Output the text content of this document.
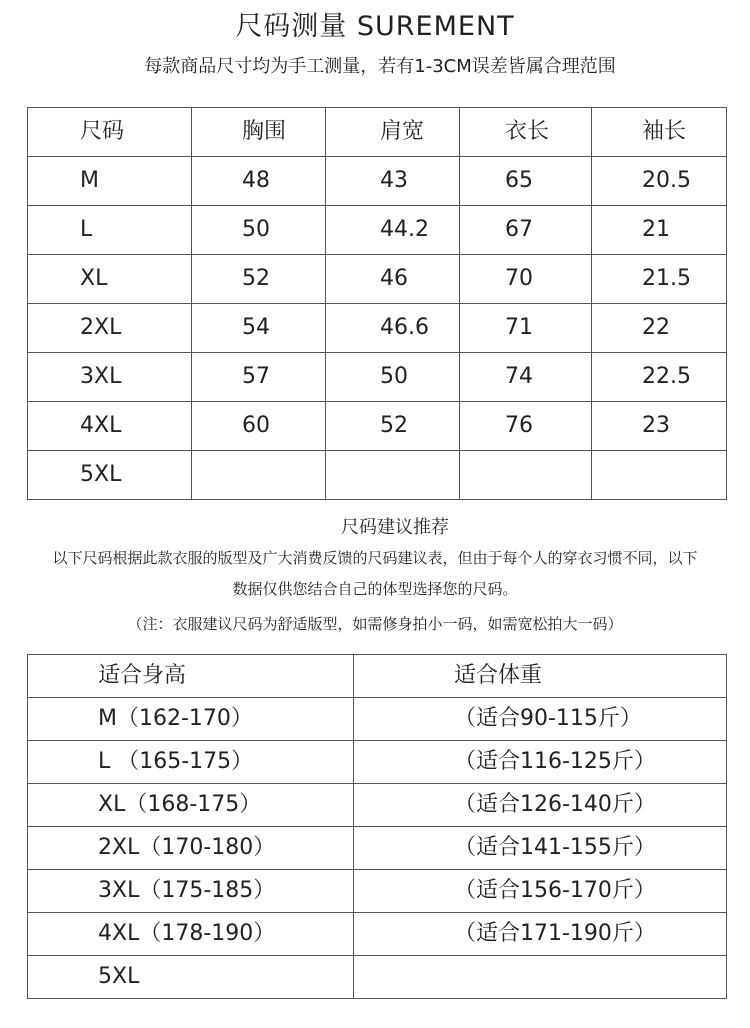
尺码测量 SUREMENT
每款商品尺寸均为手工测量，若有1-3CM误差皆属合理范围
尺码	胸围	肩宽	衣长	袖长
M	48	43	65	20.5
L	50	44.2	67	21
XL	52	46	70	21.5
2XL	54	46.6	71	22
3XL	57	50	74	22.5
4XL	60	52	76	23
5XL				
尺码建议推荐
以下尺码根据此款衣服的版型及广大消费反馈的尺码建议表，但由于每个人的穿衣习惯不同，以下
数据仅供您结合自己的体型选择您的尺码。
（注：衣服建议尺码为舒适版型，如需修身拍小一码，如需宽松拍大一码）
适合身高	适合体重
M（162-170）	（适合90-115斤）
L （165-175）	（适合116-125斤）
XL（168-175）	（适合126-140斤）
2XL（170-180）	（适合141-155斤）
3XL（175-185）	（适合156-170斤）
4XL（178-190）	（适合171-190斤）
5XL	
